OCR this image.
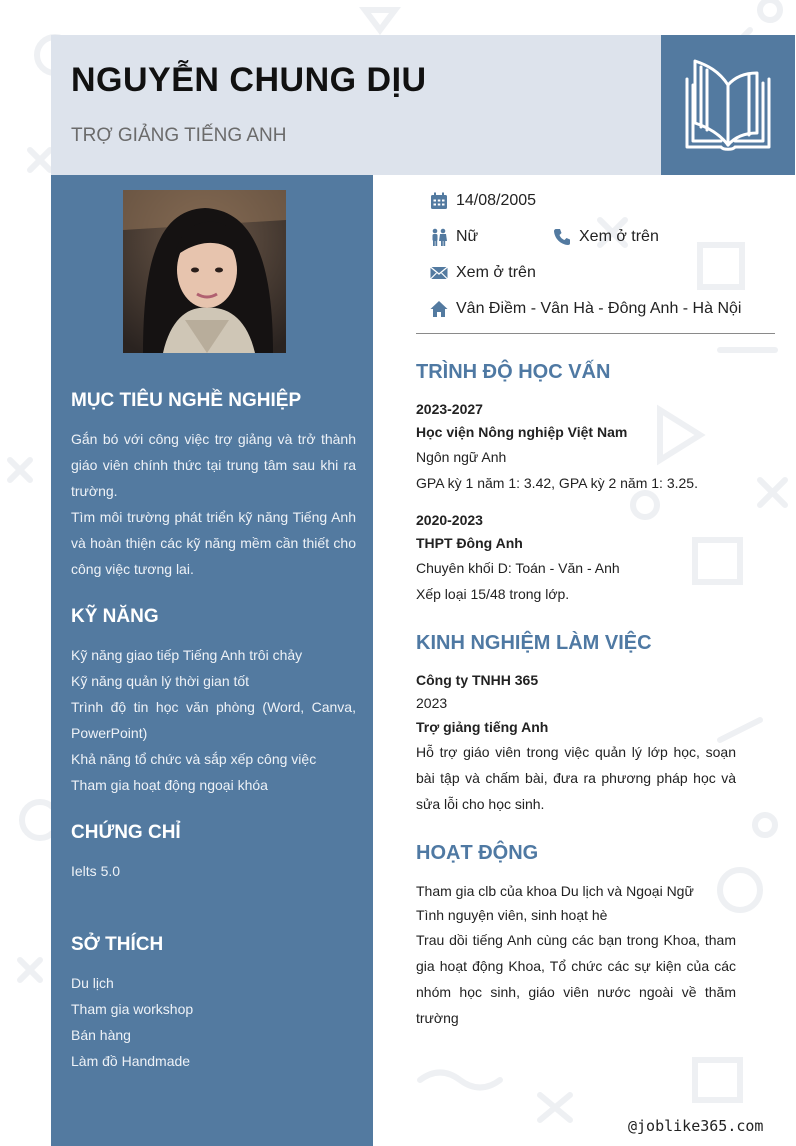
NGUYỄN CHUNG DỊU
TRỢ GIẢNG TIẾNG ANH
MỤC TIÊU NGHỀ NGHIỆP

Gắn bó với công việc trợ giảng và trở thành giáo viên chính thức tại trung tâm sau khi ra trường.

Tìm môi trường phát triển kỹ năng Tiếng Anh và hoàn thiện các kỹ năng mềm cần thiết cho công việc tương lai.

KỸ NĂNG
Kỹ năng giao tiếp Tiếng Anh trôi chảy
Kỹ năng quản lý thời gian tốt
Trình độ tin học văn phòng (Word, Canva, PowerPoint)
Khả năng tổ chức và sắp xếp công việc
Tham gia hoạt động ngoại khóa
CHỨNG CHỈ
Ielts 5.0
SỞ THÍCH
Du lịch
Tham gia workshop
Bán hàng
Làm đồ Handmade
14/08/2005
Nữ	Xem ở trên
Xem ở trên
Vân Điềm - Vân Hà - Đông Anh - Hà Nội
TRÌNH ĐỘ HỌC VẤN

2023-2027

Học viện Nông nghiệp Việt Nam

Ngôn ngữ Anh

GPA kỳ 1 năm 1: 3.42, GPA kỳ 2 năm 1: 3.25.

2020-2023

THPT Đông Anh

Chuyên khối D: Toán - Văn - Anh

Xếp loại 15/48 trong lớp.

KINH NGHIỆM LÀM VIỆC

Công ty TNHH 365

2023

Trợ giảng tiếng Anh

Hỗ trợ giáo viên trong việc quản lý lớp học, soạn bài tập và chấm bài, đưa ra phương pháp học và sửa lỗi cho học sinh.

HOẠT ĐỘNG

Tham gia clb của khoa Du lịch và Ngoại Ngữ

Tình nguyện viên, sinh hoạt hè

Trau dồi tiếng Anh cùng các bạn trong Khoa, tham gia hoạt động Khoa, Tổ chức các sự kiện của các nhóm học sinh, giáo viên nước ngoài về thăm trường

@joblike365.com
